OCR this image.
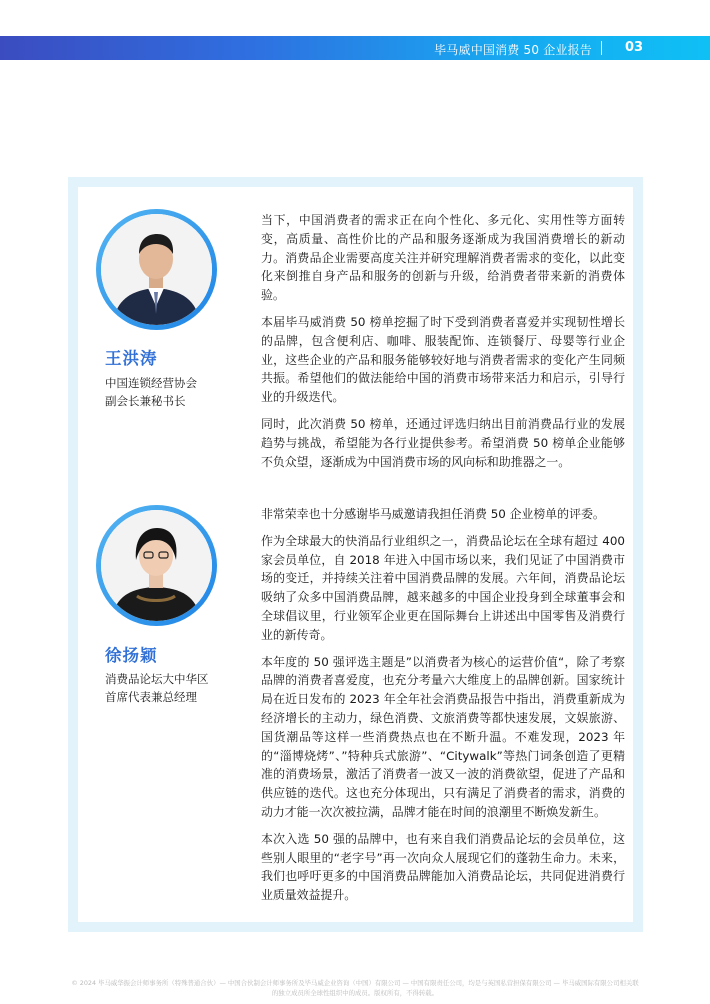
毕马威中国消费 50 企业报告	03
王洪涛
中国连锁经营协会
副会长兼秘书长

当下，中国消费者的需求正在向个性化、多元化、实用性等方面转变，高质量、高性价比的产品和服务逐渐成为我国消费增长的新动力。消费品企业需要高度关注并研究理解消费者需求的变化，以此变化来倒推自身产品和服务的创新与升级，给消费者带来新的消费体验。

本届毕马威消费 50 榜单挖掘了时下受到消费者喜爱并实现韧性增长的品牌，包含便利店、咖啡、服装配饰、连锁餐厅、母婴等行业企业，这些企业的产品和服务能够较好地与消费者需求的变化产生同频共振。希望他们的做法能给中国的消费市场带来活力和启示，引导行业的升级迭代。

同时，此次消费 50 榜单，还通过评选归纳出目前消费品行业的发展趋势与挑战，希望能为各行业提供参考。希望消费 50 榜单企业能够不负众望，逐渐成为中国消费市场的风向标和助推器之一。

徐扬颖
消费品论坛大中华区
首席代表兼总经理

非常荣幸也十分感谢毕马威邀请我担任消费 50 企业榜单的评委。

作为全球最大的快消品行业组织之一，消费品论坛在全球有超过 400 家会员单位，自 2018 年进入中国市场以来，我们见证了中国消费市场的变迁，并持续关注着中国消费品牌的发展。六年间，消费品论坛吸纳了众多中国消费品牌，越来越多的中国企业投身到全球董事会和全球倡议里，行业领军企业更在国际舞台上讲述出中国零售及消费行业的新传奇。

本年度的 50 强评选主题是”以消费者为核心的运营价值“，除了考察品牌的消费者喜爱度，也充分考量六大维度上的品牌创新。国家统计局在近日发布的 2023 年全年社会消费品报告中指出，消费重新成为经济增长的主动力，绿色消费、文旅消费等都快速发展，文娱旅游、国货潮品等这样一些消费热点也在不断升温。不难发现，2023 年的“淄博烧烤”、”特种兵式旅游”、“Citywalk”等热门词条创造了更精准的消费场景，激活了消费者一波又一波的消费欲望，促进了产品和供应链的迭代。这也充分体现出，只有满足了消费者的需求，消费的动力才能一次次被拉满，品牌才能在时间的浪潮里不断焕发新生。

本次入选 50 强的品牌中，也有来自我们消费品论坛的会员单位，这些别人眼里的“老字号”再一次向众人展现它们的蓬勃生命力。未来，我们也呼吁更多的中国消费品牌能加入消费品论坛，共同促进消费行业质量效益提升。

© 2024 毕马威华振会计师事务所（特殊普通合伙）— 中国合伙制会计师事务所及毕马威企业咨询（中国）有限公司 — 中国有限责任公司，均是与英国私营担保有限公司 — 毕马威国际有限公司相关联
的独立成员所全球性组织中的成员。版权所有，不得转载。
